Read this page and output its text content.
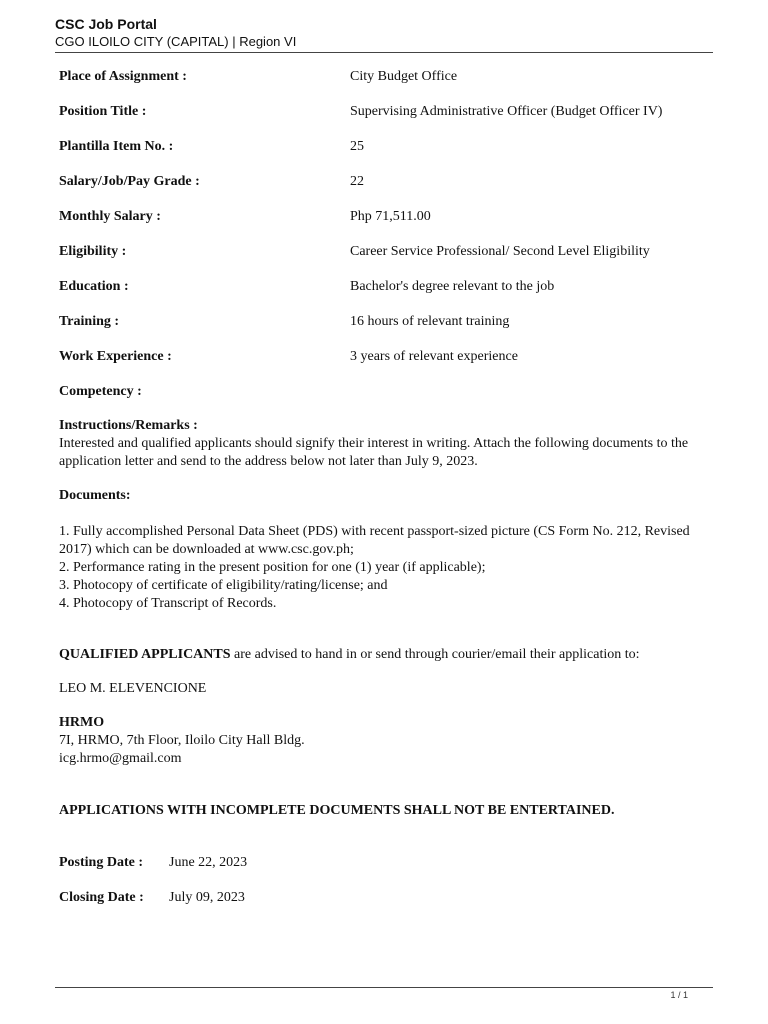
CSC Job Portal
CGO ILOILO CITY (CAPITAL) | Region VI
Place of Assignment :	City Budget Office
Position Title :	Supervising Administrative Officer (Budget Officer IV)
Plantilla Item No. :	25
Salary/Job/Pay Grade :	22
Monthly Salary :	Php 71,511.00
Eligibility :	Career Service Professional/ Second Level Eligibility
Education :	Bachelor's degree relevant to the job
Training :	16 hours of relevant training
Work Experience :	3 years of relevant experience
Competency :
Instructions/Remarks :

Interested and qualified applicants should signify their interest in writing. Attach the following documents to the application letter and send to the address below not later than July 9, 2023.

Documents:
1. Fully accomplished Personal Data Sheet (PDS) with recent passport-sized picture (CS Form No. 212, Revised 2017) which can be downloaded at www.csc.gov.ph;
2. Performance rating in the present position for one (1) year (if applicable);
3. Photocopy of certificate of eligibility/rating/license; and
4. Photocopy of Transcript of Records.
QUALIFIED APPLICANTS are advised to hand in or send through courier/email their application to:
LEO M. ELEVENCIONE
HRMO
7I, HRMO, 7th Floor, Iloilo City Hall Bldg.
icg.hrmo@gmail.com
APPLICATIONS WITH INCOMPLETE DOCUMENTS SHALL NOT BE ENTERTAINED.
Posting Date : June 22, 2023
Closing Date : July 09, 2023
1 / 1
